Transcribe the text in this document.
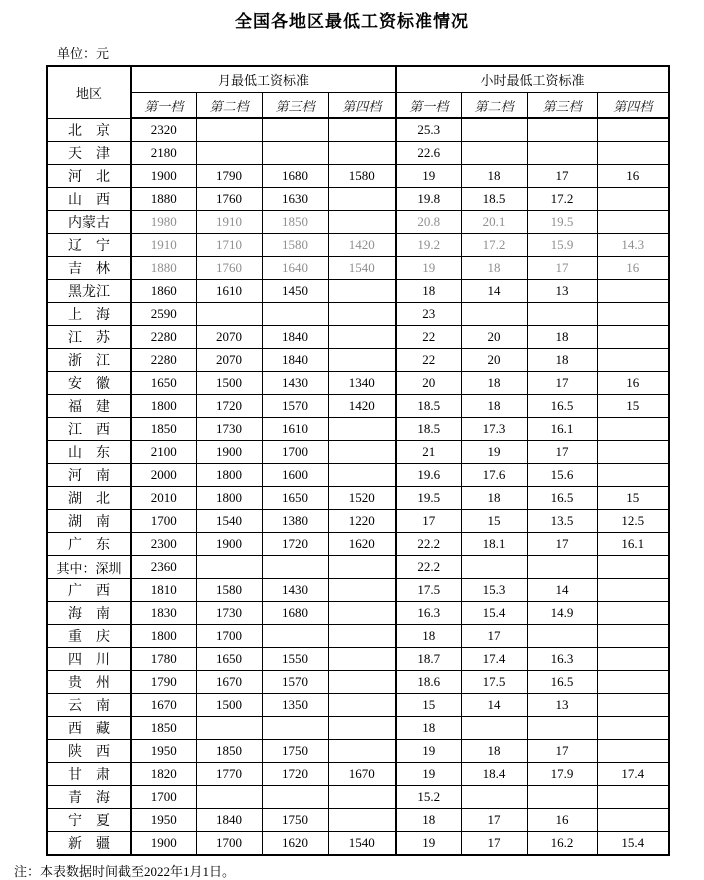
全国各地区最低工资标准情况
单位：元
地区	月最低工资标准				小时最低工资标准			
	第一档	第二档	第三档	第四档	第一档	第二档	第三档	第四档
北　京	2320				25.3			
天　津	2180				22.6			
河　北	1900	1790	1680	1580	19	18	17	16
山　西	1880	1760	1630		19.8	18.5	17.2	
内蒙古	1980	1910	1850		20.8	20.1	19.5	
辽　宁	1910	1710	1580	1420	19.2	17.2	15.9	14.3
吉　林	1880	1760	1640	1540	19	18	17	16
黑龙江	1860	1610	1450		18	14	13	
上　海	2590				23			
江　苏	2280	2070	1840		22	20	18	
浙　江	2280	2070	1840		22	20	18	
安　徽	1650	1500	1430	1340	20	18	17	16
福　建	1800	1720	1570	1420	18.5	18	16.5	15
江　西	1850	1730	1610		18.5	17.3	16.1	
山　东	2100	1900	1700		21	19	17	
河　南	2000	1800	1600		19.6	17.6	15.6	
湖　北	2010	1800	1650	1520	19.5	18	16.5	15
湖　南	1700	1540	1380	1220	17	15	13.5	12.5
广　东	2300	1900	1720	1620	22.2	18.1	17	16.1
其中：深圳	2360				22.2			
广　西	1810	1580	1430		17.5	15.3	14	
海　南	1830	1730	1680		16.3	15.4	14.9	
重　庆	1800	1700			18	17		
四　川	1780	1650	1550		18.7	17.4	16.3	
贵　州	1790	1670	1570		18.6	17.5	16.5	
云　南	1670	1500	1350		15	14	13	
西　藏	1850				18			
陕　西	1950	1850	1750		19	18	17	
甘　肃	1820	1770	1720	1670	19	18.4	17.9	17.4
青　海	1700				15.2			
宁　夏	1950	1840	1750		18	17	16	
新　疆	1900	1700	1620	1540	19	17	16.2	15.4
注：本表数据时间截至2022年1月1日。
